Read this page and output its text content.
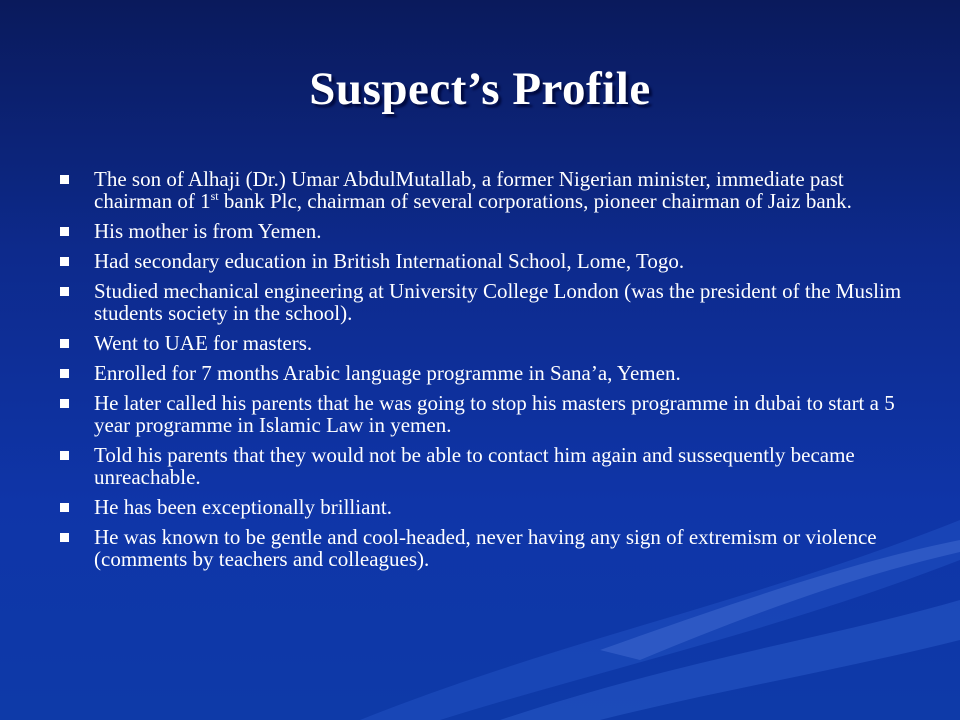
Suspect’s Profile
The son of Alhaji (Dr.) Umar AbdulMutallab, a former Nigerian minister, immediate past chairman of 1st bank Plc, chairman of several corporations, pioneer chairman of Jaiz bank.
His mother is from Yemen.
Had secondary education in British International School, Lome, Togo.
Studied mechanical engineering at University College London (was the president of the Muslim students society in the school).
Went to UAE for masters.
Enrolled for 7 months Arabic language programme in Sana’a, Yemen.
He later called his parents that he was going to stop his masters programme in dubai to start a 5 year programme in Islamic Law in yemen.
Told his parents that they would not be able to contact him again and sussequently became unreachable.
He has been exceptionally brilliant.
He was known to be gentle and cool-headed, never having any sign of extremism or violence (comments by teachers and colleagues).
